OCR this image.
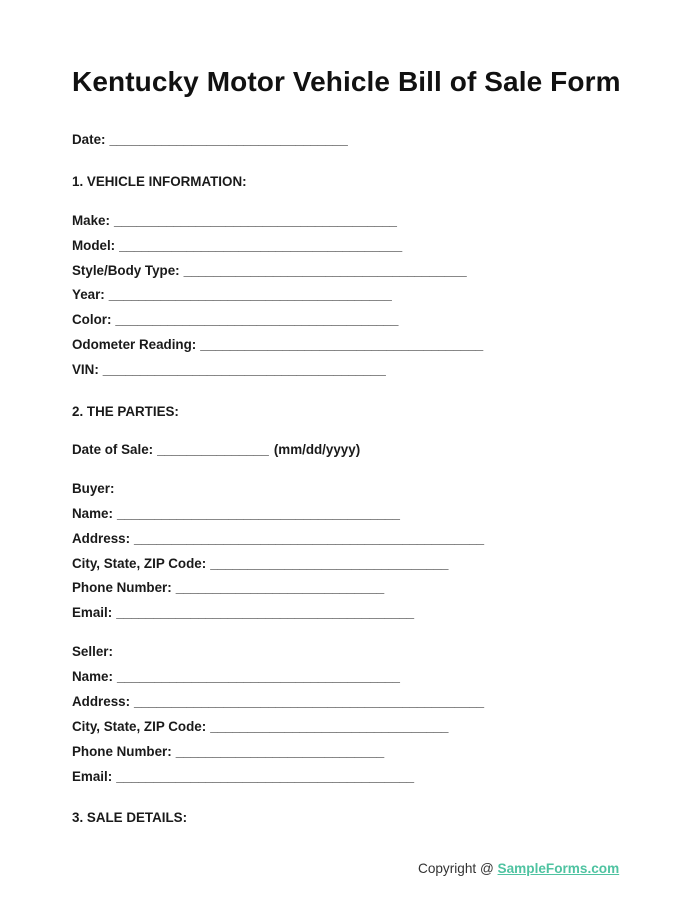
Kentucky Motor Vehicle Bill of Sale Form

Date: ________________________________

1. VEHICLE INFORMATION:

Make: ______________________________________

Model: ______________________________________

Style/Body Type: ______________________________________

Year: ______________________________________

Color: ______________________________________

Odometer Reading: ______________________________________

VIN: ______________________________________

2. THE PARTIES:

Date of Sale: _______________ (mm/dd/yyyy)

Buyer:

Name: ______________________________________

Address: _______________________________________________

City, State, ZIP Code: ________________________________

Phone Number: ____________________________

Email: ________________________________________

Seller:

Name: ______________________________________

Address: _______________________________________________

City, State, ZIP Code: ________________________________

Phone Number: ____________________________

Email: ________________________________________

3. SALE DETAILS:

Copyright @ SampleForms.com
